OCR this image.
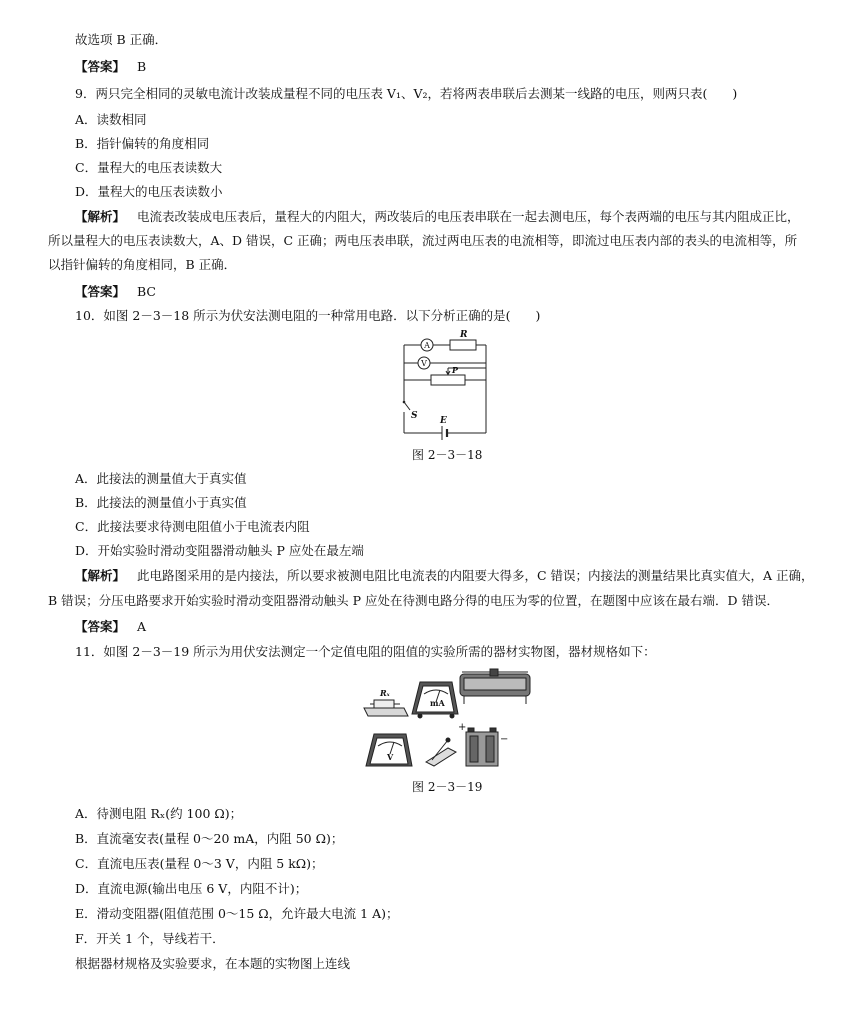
故选项 B 正确．
【答案】 B
9．两只完全相同的灵敏电流计改装成量程不同的电压表 V₁、V₂，若将两表串联后去测某一线路的电压，则两只表(　　)
A．读数相同
B．指针偏转的角度相同
C．量程大的电压表读数大
D．量程大的电压表读数小
【解析】 电流表改装成电压表后，量程大的内阻大，两改装后的电压表串联在一起去测电压，每个表两端的电压与其内阻成正比，
所以量程大的电压表读数大，A、D 错误，C 正确；两电压表串联，流过两电压表的电流相等，即流过电压表内部的表头的电流相等，所
以指针偏转的角度相同，B 正确．
【答案】 BC
10．如图 2－3－18 所示为伏安法测电阻的一种常用电路．以下分析正确的是(　　)
A
V
R
P
S	E
图 2－3－18
A．此接法的测量值大于真实值
B．此接法的测量值小于真实值
C．此接法要求待测电阻值小于电流表内阻
D．开始实验时滑动变阻器滑动触头 P 应处在最左端
【解析】 此电路图采用的是内接法，所以要求被测电阻比电流表的内阻要大得多，C 错误；内接法的测量结果比真实值大，A 正确，
B 错误；分压电路要求开始实验时滑动变阻器滑动触头 P 应处在待测电路分得的电压为零的位置，在题图中应该在最右端．D 错误．
【答案】 A
11．如图 2－3－19 所示为用伏安法测定一个定值电阻的阻值的实验所需的器材实物图，器材规格如下：
Rₓ
mA
V
+
−
图 2－3－19
A．待测电阻 Rₓ(约 100 Ω)；
B．直流毫安表(量程 0～20 mA，内阻 50 Ω)；
C．直流电压表(量程 0～3 V，内阻 5 kΩ)；
D．直流电源(输出电压 6 V，内阻不计)；
E．滑动变阻器(阻值范围 0～15 Ω，允许最大电流 1 A)；
F．开关 1 个，导线若干．
根据器材规格及实验要求，在本题的实物图上连线
